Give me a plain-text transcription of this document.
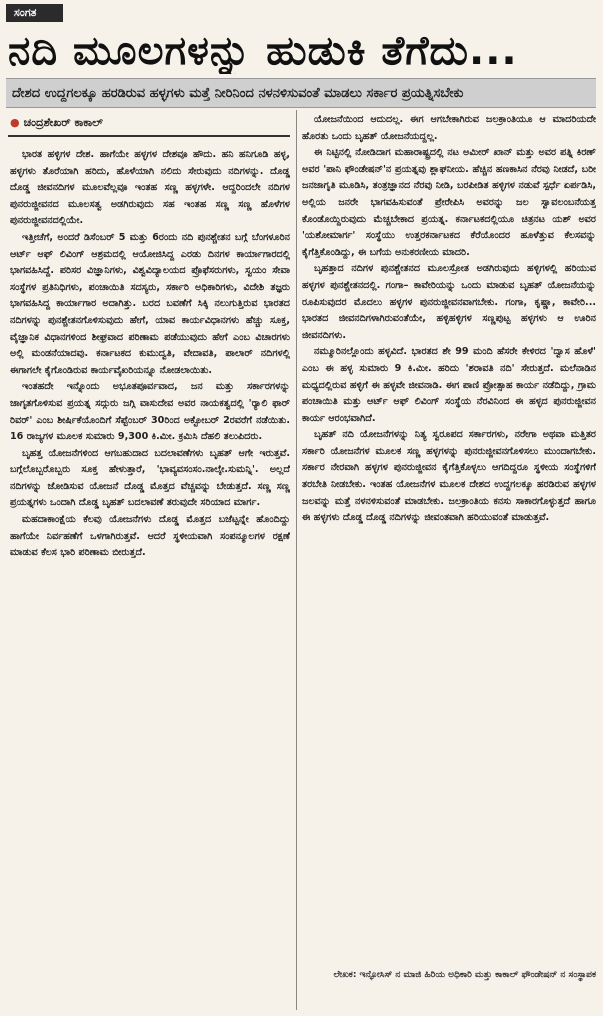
ಸಂಗತ
ನದಿ ಮೂಲಗಳನ್ನು ಹುಡುಕಿ ತೆಗೆದು...
ದೇಶದ ಉದ್ದಗಲಕ್ಕೂ ಹರಡಿರುವ ಹಳ್ಳಗಳು ಮತ್ತೆ ನೀರಿನಿಂದ ನಳನಳಿಸುವಂತೆ ಮಾಡಲು ಸರ್ಕಾರ ಪ್ರಯತ್ನಿಸಬೇಕು
● ಚಂದ್ರಶೇಖರ್ ಕಾಕಾಲ್

ಭಾರತ ಹಳ್ಳಿಗಳ ದೇಶ. ಹಾಗೆಯೇ ಹಳ್ಳಗಳ ದೇಶವೂ ಹೌದು. ಹನಿ ಹನಿಗೂಡಿ ಹಳ್ಳ, ಹಳ್ಳಗಳು ತೊರೆಯಾಗಿ ಹರಿದು, ಹೊಳೆಯಾಗಿ ನಲಿದು ಸೇರುವುದು ನದಿಗಳನ್ನು. ದೊಡ್ಡ ದೊಡ್ಡ ಜೀವನದಿಗಳ ಮೂಲವೆಲ್ಲವೂ ಇಂತಹ ಸಣ್ಣ ಹಳ್ಳಗಳೇ. ಆದ್ದರಿಂದಲೇ ನದಿಗಳ ಪುನರುಜ್ಜೀವನದ ಮೂಲಸತ್ವ ಅಡಗಿರುವುದು ಸಹ ಇಂತಹ ಸಣ್ಣ ಸಣ್ಣ ಹೊಳೆಗಳ ಪುನರುಜ್ಜೀವನದಲ್ಲಿಯೇ.

ಇತ್ತೀಚೆಗೆ, ಅಂದರೆ ಡಿಸೆಂಬರ್ 5 ಮತ್ತು 6ರಂದು ನದಿ ಪುನಶ್ಚೇತನ ಬಗ್ಗೆ ಬೆಂಗಳೂರಿನ ಆರ್ಟ್ ಆಫ್ ಲಿವಿಂಗ್ ಆಶ್ರಮದಲ್ಲಿ ಆಯೋಜಿಸಿದ್ದ ಎರಡು ದಿನಗಳ ಕಾರ್ಯಾಗಾರದಲ್ಲಿ ಭಾಗವಹಿಸಿದ್ದೆ. ಪರಿಸರ ವಿಜ್ಞಾನಿಗಳು, ವಿಶ್ವವಿದ್ಯಾಲಯದ ಪ್ರೊಫೆಸರುಗಳು, ಸ್ವಯಂ ಸೇವಾ ಸಂಸ್ಥೆಗಳ ಪ್ರತಿನಿಧಿಗಳು, ಪಂಚಾಯಿತಿ ಸದಸ್ಯರು, ಸರ್ಕಾರಿ ಅಧಿಕಾರಿಗಳು, ವಿದೇಶಿ ತಜ್ಞರು ಭಾಗವಹಿಸಿದ್ದ ಕಾರ್ಯಾಗಾರ ಅದಾಗಿತ್ತು. ಬರದ ಬವಣೆಗೆ ಸಿಕ್ಕಿ ನಲುಗುತ್ತಿರುವ ಭಾರತದ ನದಿಗಳನ್ನು ಪುನಶ್ಚೇತನಗೊಳಿಸುವುದು ಹೇಗೆ, ಯಾವ ಕಾರ್ಯವಿಧಾನಗಳು ಹೆಚ್ಚು ಸೂಕ್ತ, ವೈಜ್ಞಾನಿಕ ವಿಧಾನಗಳಿಂದ ಶೀಘ್ರವಾದ ಪರಿಣಾಮ ಪಡೆಯುವುದು ಹೇಗೆ ಎಂಬ ವಿಚಾರಗಳು ಅಲ್ಲಿ ಮಂಡನೆಯಾದವು. ಕರ್ನಾಟಕದ ಕುಮುದ್ವತಿ, ವೇದಾವತಿ, ಪಾಲಾರ್ ನದಿಗಳಲ್ಲಿ ಈಗಾಗಲೇ ಕೈಗೊಂಡಿರುವ ಕಾರ್ಯವೈಖರಿಯನ್ನೂ ನೋಡಲಾಯಿತು.

ಇಂತಹದೇ ಇನ್ನೊಂದು ಅಭೂತಪೂರ್ವವಾದ, ಜನ ಮತ್ತು ಸರ್ಕಾರಗಳನ್ನು ಜಾಗೃತಗೊಳಿಸುವ ಪ್ರಯತ್ನ ಸದ್ಗುರು ಜಗ್ಗಿ ವಾಸುದೇವ ಅವರ ನಾಯಕತ್ವದಲ್ಲಿ 'ರ‍್ಯಾಲಿ ಫಾರ್ ರಿವರ್' ಎಂಬ ಶೀರ್ಷಿಕೆಯೊಂದಿಗೆ ಸೆಪ್ಟೆಂಬರ್ 30ರಿಂದ ಅಕ್ಟೋಬರ್ 2ರವರೆಗೆ ನಡೆಯಿತು. 16 ರಾಜ್ಯಗಳ ಮೂಲಕ ಸುಮಾರು 9,300 ಕಿ.ಮೀ. ಕ್ರಮಿಸಿ ದೆಹಲಿ ತಲುಪಿದರು.

ಬೃಹತ್ತ ಯೋಜನೆಗಳಿಂದ ಆಗಬಹುದಾದ ಬದಲಾವಣೆಗಳು ಬೃಹತ್ ಆಗೇ ಇರುತ್ತವೆ. ಬಗ್ಗೆಲೊಬ್ಬರೊಬ್ಬರು ಸೂಕ್ತ ಹೇಳುತ್ತಾರೆ, 'ಭಾವ್ಯವಸಂಸಂ.ನಾಲ್ಕೇ.ಸುಮನ್ನಿ'. ಅಲ್ಲದೆ ನದಿಗಳನ್ನು ಜೋಡಿಸುವ ಯೋಜನೆ ದೊಡ್ಡ ಮೊತ್ತದ ವೆಚ್ಚವನ್ನು ಬೇಡುತ್ತದೆ. ಸಣ್ಣ ಸಣ್ಣ ಪ್ರಯತ್ನಗಳು ಒಂದಾಗಿ ದೊಡ್ಡ ಬೃಹತ್ ಬದಲಾವಣೆ ತರುವುದೇ ಸರಿಯಾದ ಮಾರ್ಗ.

ಮಹದಾಕಾಂಕ್ಷೆಯ ಕೆಲವು ಯೋಜನೆಗಳು ದೊಡ್ಡ ಮೊತ್ತದ ಬಜೆಟ್ಟನ್ನೇ ಹೊಂದಿದ್ದು ಹಾಗೆಯೇ ನಿರ್ವಹಣೆಗೆ ಒಳಗಾಗಿರುತ್ತವೆ. ಆದರೆ ಸ್ಥಳೀಯವಾಗಿ ಸಂಪನ್ಮೂಲಗಳ ರಕ್ಷಣೆ ಮಾಡುವ ಕೆಲಸ ಭಾರಿ ಪರಿಣಾಮ ಬೀರುತ್ತದೆ.

ಯೋಜನೆಯಿಂದ ಆದುದಲ್ಲ. ಈಗ ಆಗಬೇಕಾಗಿರುವ ಜಲಕ್ರಾಂತಿಯೂ ಆ ಮಾದರಿಯದೇ ಹೊರತು ಒಂದು ಬೃಹತ್ ಯೋಜನೆಯದ್ದಲ್ಲ.

ಈ ನಿಟ್ಟಿನಲ್ಲಿ ನೋಡಿದಾಗ ಮಹಾರಾಷ್ಟ್ರದಲ್ಲಿ ನಟ ಅಮೀರ್ ಖಾನ್ ಮತ್ತು ಅವರ ಪತ್ನಿ ಕಿರಣ್ ಅವರ 'ಪಾನಿ ಫೌಂಡೇಷನ್'ನ ಪ್ರಯತ್ನವು ಶ್ಲಾಘನೀಯ. ಹೆಚ್ಚಿನ ಹಣಕಾಸಿನ ನೆರವು ನೀಡದೆ, ಬರೀ ಜನಜಾಗೃತಿ ಮೂಡಿಸಿ, ತಂತ್ರಜ್ಞಾನದ ನೆರವು ನೀಡಿ, ಬರಪೀಡಿತ ಹಳ್ಳಿಗಳ ನಡುವೆ ಸ್ಪರ್ಧೆ ಏರ್ಪಡಿಸಿ, ಅಲ್ಲಿಯ ಜನರೇ ಭಾಗವಹಿಸುವಂತೆ ಪ್ರೇರೇಪಿಸಿ ಅವರನ್ನು ಜಲ ಸ್ವಾವಲಂಬನೆಯತ್ತ ಕೊಂಡೊಯ್ದಿರುವುದು ಮೆಚ್ಚಬೇಕಾದ ಪ್ರಯತ್ನ. ಕರ್ನಾಟಕದಲ್ಲಿಯೂ ಚಿತ್ರನಟ ಯಶ್ ಅವರ 'ಯಶೋಮಾರ್ಗ' ಸಂಸ್ಥೆಯು ಉತ್ತರಕರ್ನಾಟಕದ ಕೆರೆಯೊಂದರ ಹೂಳೆತ್ತುವ ಕೆಲಸವನ್ನು ಕೈಗೆತ್ತಿಕೊಂಡಿದ್ದು, ಈ ಬಗೆಯ ಅನುಕರಣೀಯ ಮಾದರಿ.

ಬೃಹತ್ತಾದ ನದಿಗಳ ಪುನಶ್ಚೇತನದ ಮೂಲಸ್ರೋತ ಅಡಗಿರುವುದು ಹಳ್ಳಿಗಳಲ್ಲಿ ಹರಿಯುವ ಹಳ್ಳಗಳ ಪುನಶ್ಚೇತನದಲ್ಲಿ. ಗಂಗಾ– ಕಾವೇರಿಯನ್ನು ಒಂದು ಮಾಡುವ ಬೃಹತ್ ಯೋಜನೆಯನ್ನು ರೂಪಿಸುವುದರ ಮೊದಲು ಹಳ್ಳಗಳ ಪುನರುಜ್ಜೀವನವಾಗಬೇಕು. ಗಂಗಾ, ಕೃಷ್ಣಾ, ಕಾವೇರಿ... ಭಾರತದ ಜೀವನದಿಗಳಾಗಿರುವಂತೆಯೇ, ಹಳ್ಳಿಹಳ್ಳಿಗಳ ಸಣ್ಣಪುಟ್ಟ ಹಳ್ಳಗಳು ಆ ಊರಿನ ಜೀವನದಿಗಳು.

ನಮ್ಮೂರಿನಲ್ಲೊಂದು ಹಳ್ಳವಿದೆ. ಭಾರತದ ಶೇ 99 ಮಂದಿ ಹೆಸರೇ ಕೇಳಿರದ 'ದ್ವಾಸ ಹೊಳೆ' ಎಂಬ ಈ ಹಳ್ಳ ಸುಮಾರು 9 ಕಿ.ಮೀ. ಹರಿದು 'ಶರಾವತಿ ನದಿ' ಸೇರುತ್ತದೆ. ಮಲೆನಾಡಿನ ಮಧ್ಯದಲ್ಲಿರುವ ಹಳ್ಳಿಗೆ ಈ ಹಳ್ಳವೇ ಜೀವನಾಡಿ. ಈಗ ಪಾಣಿ ಪ್ರೋತ್ಸಾಹ ಕಾರ್ಯ ನಡೆದಿದ್ದು, ಗ್ರಾಮ ಪಂಚಾಯಿತಿ ಮತ್ತು ಆರ್ಟ್ ಆಫ್ ಲಿವಿಂಗ್ ಸಂಸ್ಥೆಯ ನೆರವಿನಿಂದ ಈ ಹಳ್ಳದ ಪುನರುಜ್ಜೀವನ ಕಾರ್ಯ ಆರಂಭವಾಗಿದೆ.

ಬೃಹತ್ ನದಿ ಯೋಜನೆಗಳನ್ನು ನಿತ್ಯ ಸ್ವರೂಪದ ಸರ್ಕಾರಗಳು, ನರೇಗಾ ಅಥವಾ ಮತ್ತಿತರ ಸರ್ಕಾರಿ ಯೋಜನೆಗಳ ಮೂಲಕ ಸಣ್ಣ ಹಳ್ಳಗಳನ್ನು ಪುನರುಜ್ಜೀವನಗೊಳಿಸಲು ಮುಂದಾಗಬೇಕು. ಸರ್ಕಾರ ನೇರವಾಗಿ ಹಳ್ಳಗಳ ಪುನರುಜ್ಜೀವನ ಕೈಗೆತ್ತಿಕೊಳ್ಳಲು ಆಗದಿದ್ದರೂ ಸ್ಥಳೀಯ ಸಂಸ್ಥೆಗಳಿಗೆ ತರಬೇತಿ ನೀಡಬೇಕು. ಇಂತಹ ಯೋಜನೆಗಳ ಮೂಲಕ ದೇಶದ ಉದ್ದಗಲಕ್ಕೂ ಹರಡಿರುವ ಹಳ್ಳಗಳ ಜಲವನ್ನು ಮತ್ತೆ ನಳನಳಿಸುವಂತೆ ಮಾಡಬೇಕು. ಜಲಕ್ರಾಂತಿಯ ಕನಸು ಸಾಕಾರಗೊಳ್ಳುತ್ತದೆ ಹಾಗೂ ಈ ಹಳ್ಳಗಳು ದೊಡ್ಡ ದೊಡ್ಡ ನದಿಗಳನ್ನು ಜೀವಂತವಾಗಿ ಹರಿಯುವಂತೆ ಮಾಡುತ್ತವೆ.

ಲೇಖಕ: ಇನ್ಫೋಸಿಸ್ ನ ಮಾಜಿ ಹಿರಿಯ ಅಧಿಕಾರಿ ಮತ್ತು ಕಾಕಾಲ್ ಫೌಂಡೇಷನ್ ನ ಸಂಸ್ಥಾಪಕ
